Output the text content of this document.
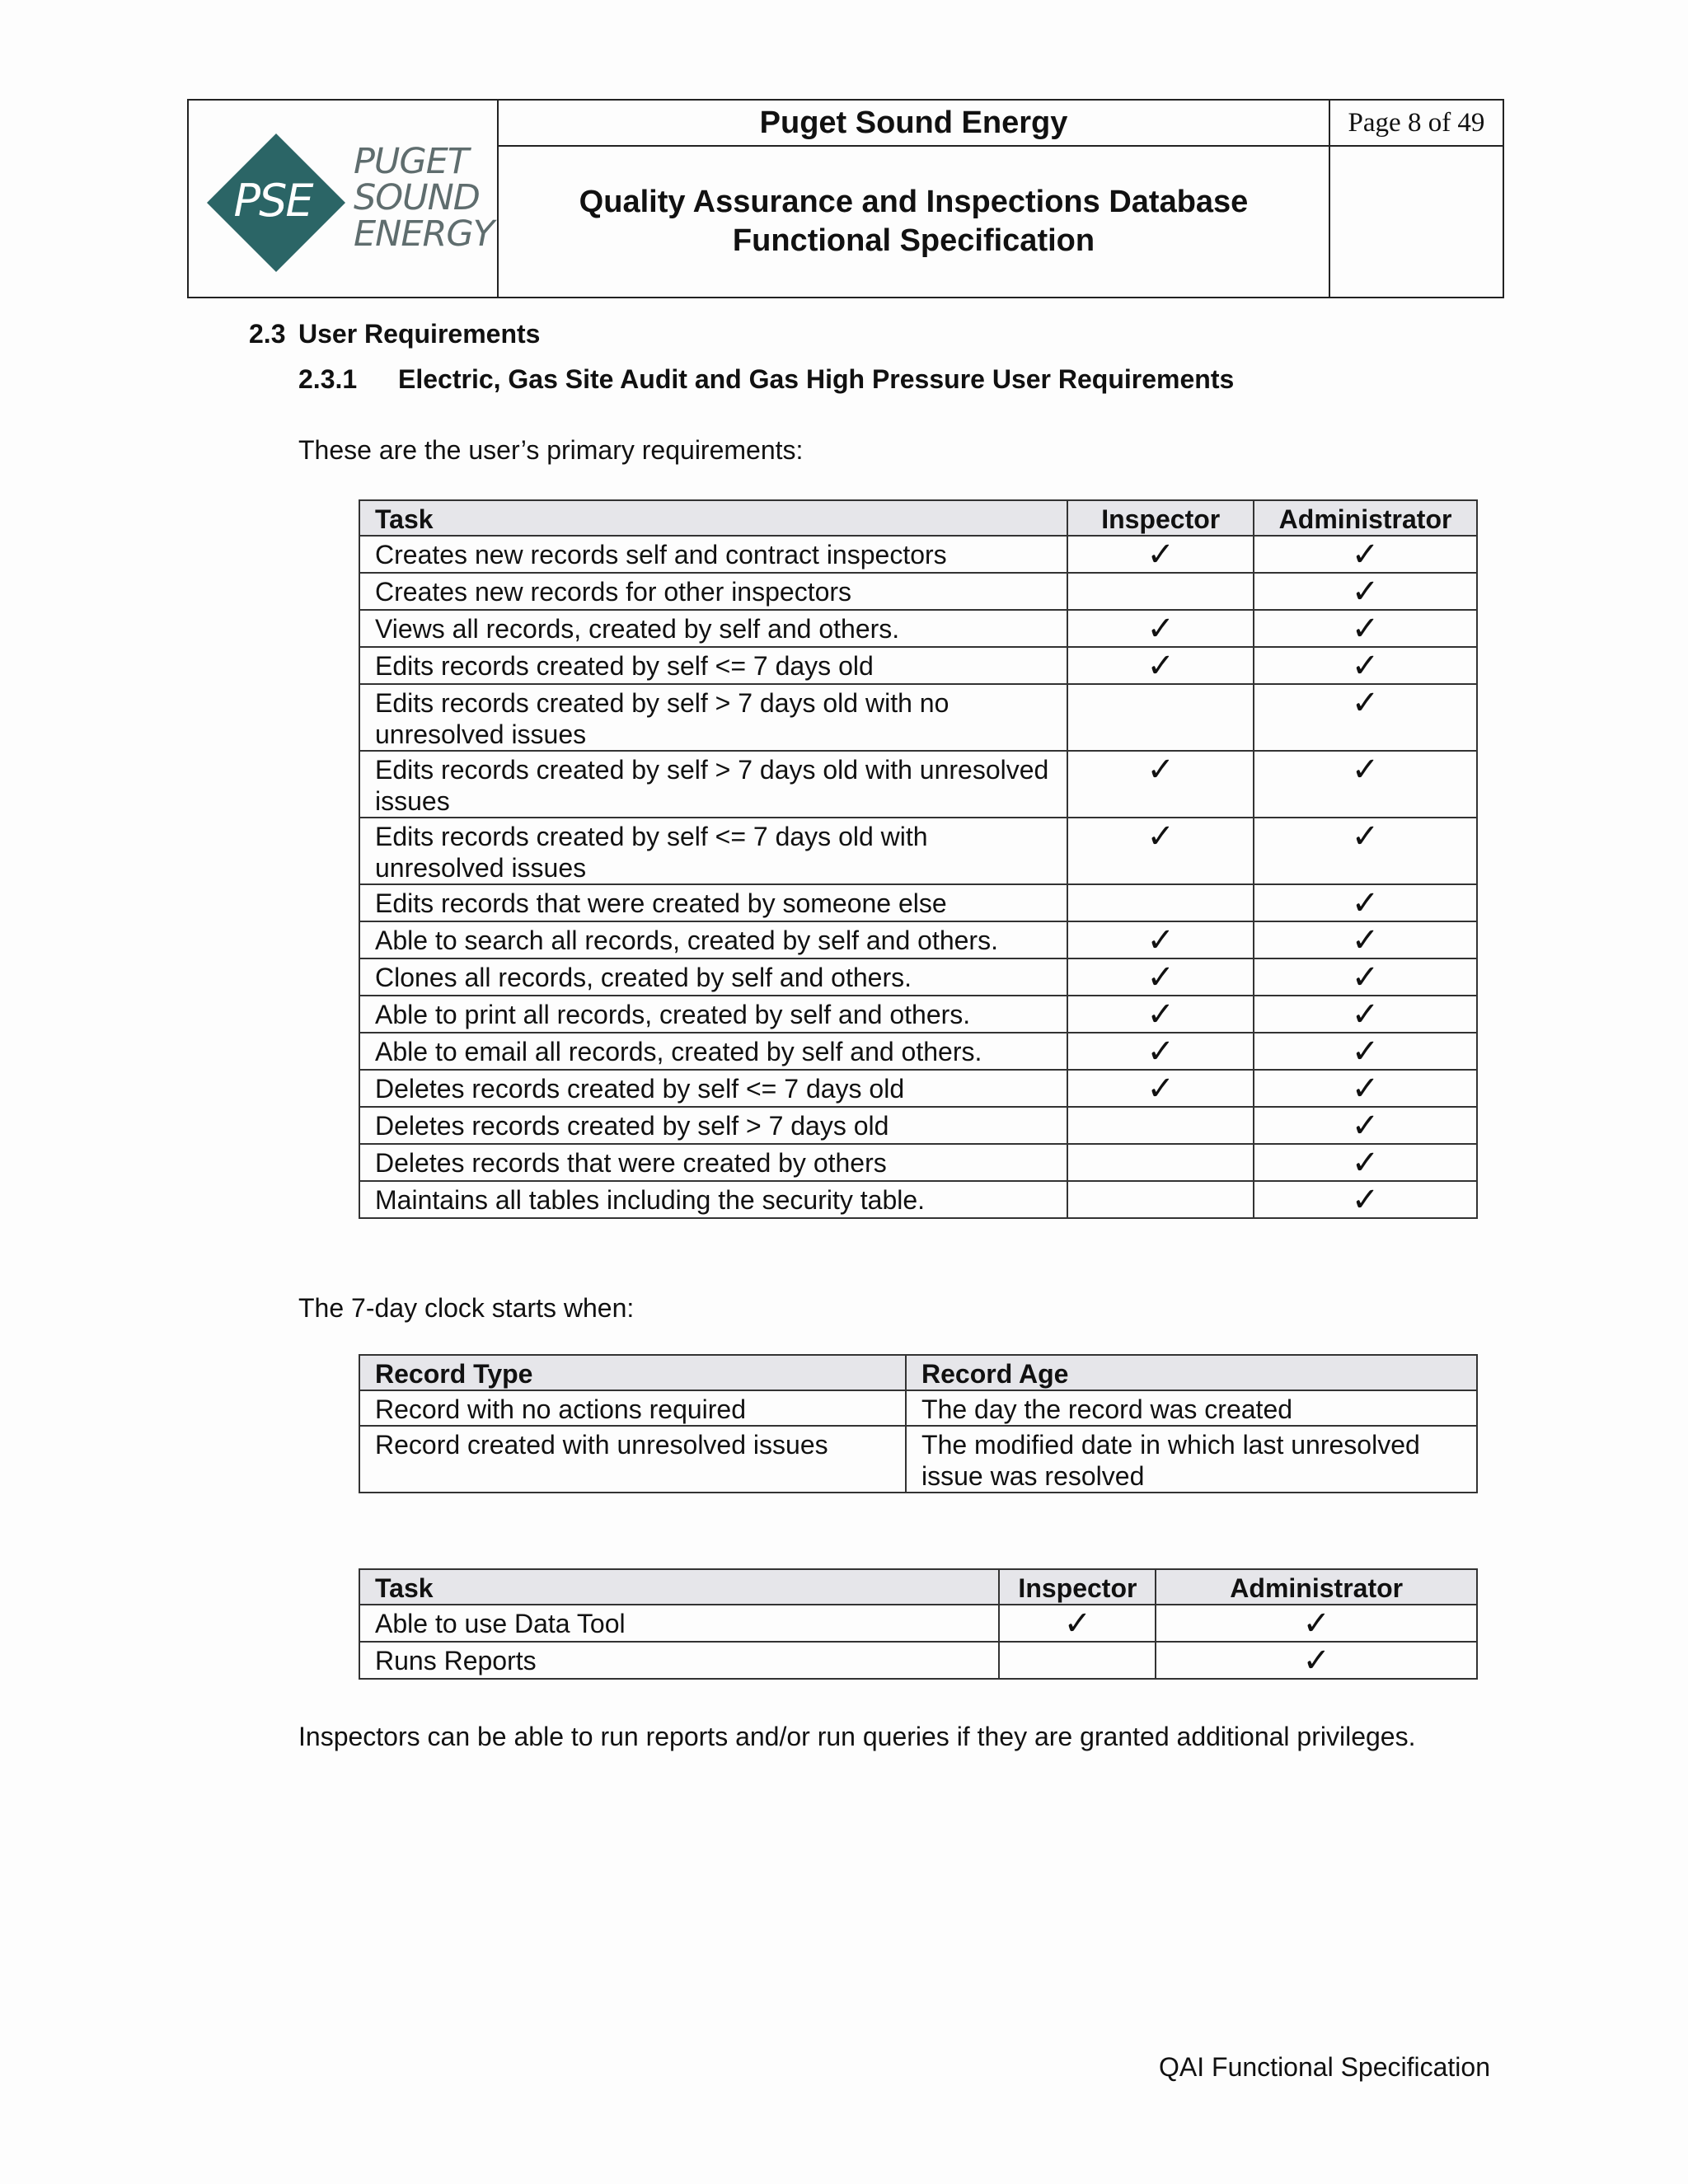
PSE
PUGET
SOUND
ENERGY
Puget Sound Energy	Page 8 of 49
Quality Assurance and Inspections Database
Functional Specification
2.3 User Requirements
2.3.1 Electric, Gas Site Audit and Gas High Pressure User Requirements
These are the user’s primary requirements:
Task	Inspector	Administrator
Creates new records self and contract inspectors	✓	✓
Creates new records for other inspectors		✓
Views all records, created by self and others.	✓	✓
Edits records created by self <= 7 days old	✓	✓
Edits records created by self > 7 days old with no unresolved issues		✓
Edits records created by self > 7 days old with unresolved issues	✓	✓
Edits records created by self <= 7 days old with unresolved issues	✓	✓
Edits records that were created by someone else		✓
Able to search all records, created by self and others.	✓	✓
Clones all records, created by self and others.	✓	✓
Able to print all records, created by self and others.	✓	✓
Able to email all records, created by self and others.	✓	✓
Deletes records created by self <= 7 days old	✓	✓
Deletes records created by self > 7 days old		✓
Deletes records that were created by others		✓
Maintains all tables including the security table.		✓
The 7-day clock starts when:
Record Type	Record Age
Record with no actions required	The day the record was created
Record created with unresolved issues	The modified date in which last unresolved issue was resolved
Task	Inspector	Administrator
Able to use Data Tool	✓	✓
Runs Reports		✓
Inspectors can be able to run reports and/or run queries if they are granted additional privileges.
QAI Functional Specification
